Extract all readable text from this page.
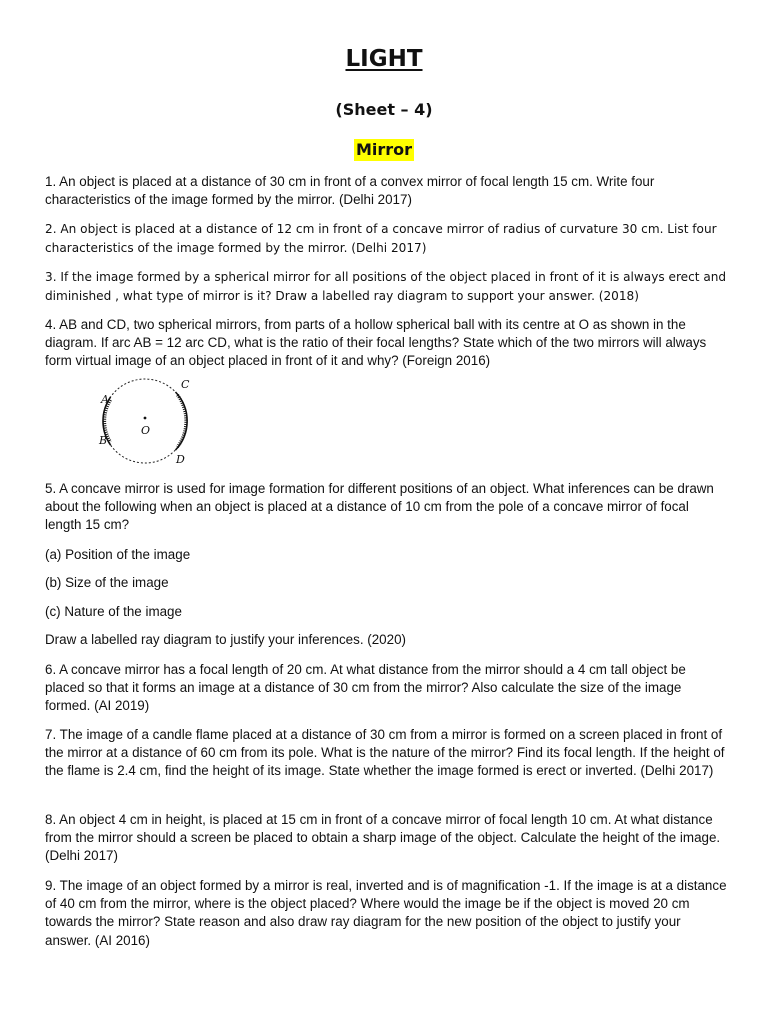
LIGHT
(Sheet – 4)
Mirror

1. An object is placed at a distance of 30 cm in front of a convex mirror of focal length 15 cm. Write four characteristics of the image formed by the mirror. (Delhi 2017)

2. An object is placed at a distance of 12 cm in front of a concave mirror of radius of curvature 30 cm. List four characteristics of the image formed by the mirror. (Delhi 2017)

3. If the image formed by a spherical mirror for all positions of the object placed in front of it is always erect and diminished , what type of mirror is it? Draw a labelled ray diagram to support your answer. (2018)

4. AB and CD, two spherical mirrors, from parts of a hollow spherical ball with its centre at O as shown in the diagram. If arc AB = 12 arc CD, what is the ratio of their focal lengths? State which of the two mirrors will always form virtual image of an object placed in front of it and why? (Foreign 2016)

A
B
C
D
O

5. A concave mirror is used for image formation for different positions of an object. What inferences can be drawn about the following when an object is placed at a distance of 10 cm from the pole of a concave mirror of focal length 15 cm?

(a) Position of the image

(b) Size of the image

(c) Nature of the image

Draw a labelled ray diagram to justify your inferences. (2020)

6. A concave mirror has a focal length of 20 cm. At what distance from the mirror should a 4 cm tall object be placed so that it forms an image at a distance of 30 cm from the mirror? Also calculate the size of the image formed. (AI 2019)

7. The image of a candle flame placed at a distance of 30 cm from a mirror is formed on a screen placed in front of the mirror at a distance of 60 cm from its pole. What is the nature of the mirror? Find its focal length. If the height of the flame is 2.4 cm, find the height of its image. State whether the image formed is erect or inverted. (Delhi 2017)

8. An object 4 cm in height, is placed at 15 cm in front of a concave mirror of focal length 10 cm. At what distance from the mirror should a screen be placed to obtain a sharp image of the object. Calculate the height of the image. (Delhi 2017)

9. The image of an object formed by a mirror is real, inverted and is of magnification -1. If the image is at a distance of 40 cm from the mirror, where is the object placed? Where would the image be if the object is moved 20 cm towards the mirror? State reason and also draw ray diagram for the new position of the object to justify your answer. (AI 2016)
